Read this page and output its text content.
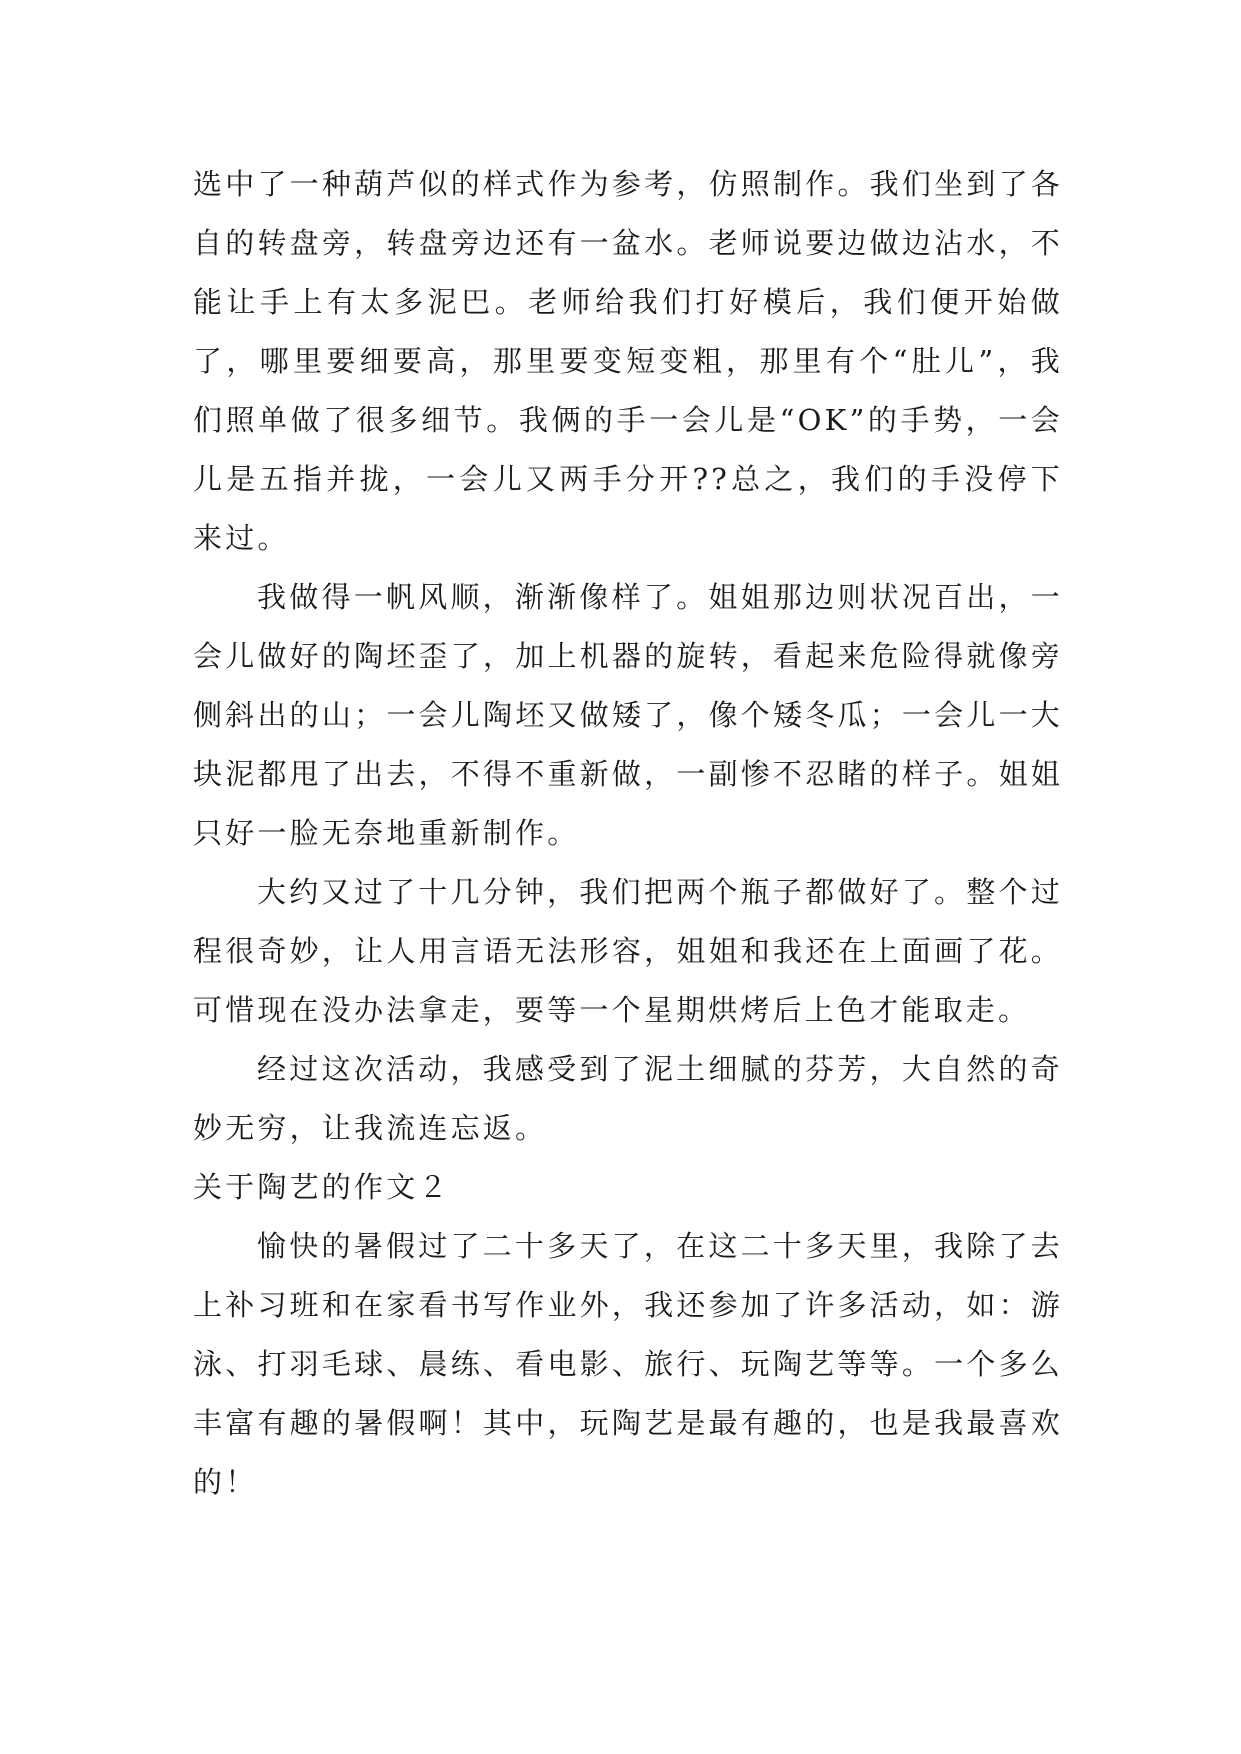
选中了一种葫芦似的样式作为参考，仿照制作。我们坐到了各自的转盘旁，转盘旁边还有一盆水。老师说要边做边沾水，不能让手上有太多泥巴。老师给我们打好模后，我们便开始做了，哪里要细要高，那里要变短变粗，那里有个“肚儿”，我们照单做了很多细节。我俩的手一会儿是“OK”的手势，一会儿是五指并拢，一会儿又两手分开??总之，我们的手没停下来过。

我做得一帆风顺，渐渐像样了。姐姐那边则状况百出，一会儿做好的陶坯歪了，加上机器的旋转，看起来危险得就像旁侧斜出的山；一会儿陶坯又做矮了，像个矮冬瓜；一会儿一大块泥都甩了出去，不得不重新做，一副惨不忍睹的样子。姐姐只好一脸无奈地重新制作。

大约又过了十几分钟，我们把两个瓶子都做好了。整个过程很奇妙，让人用言语无法形容，姐姐和我还在上面画了花。可惜现在没办法拿走，要等一个星期烘烤后上色才能取走。

经过这次活动，我感受到了泥土细腻的芬芳，大自然的奇妙无穷，让我流连忘返。

关于陶艺的作文２

愉快的暑假过了二十多天了，在这二十多天里，我除了去上补习班和在家看书写作业外，我还参加了许多活动，如：游泳、打羽毛球、晨练、看电影、旅行、玩陶艺等等。一个多么丰富有趣的暑假啊！其中，玩陶艺是最有趣的，也是我最喜欢的！
